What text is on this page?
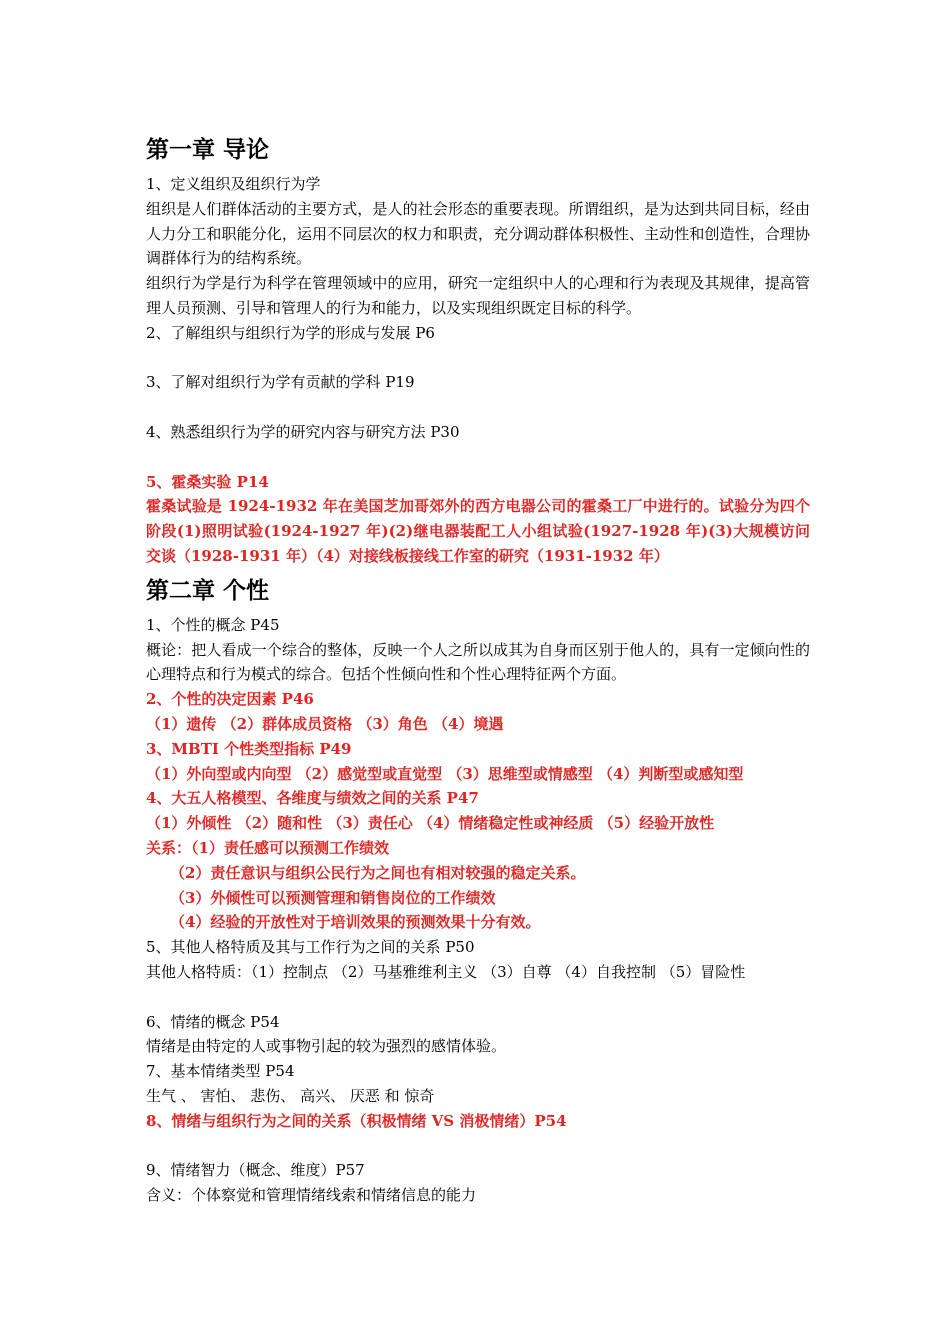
第一章 导论
1、定义组织及组织行为学
组织是人们群体活动的主要方式，是人的社会形态的重要表现。所谓组织，是为达到共同目标，经由人力分工和职能分化，运用不同层次的权力和职责，充分调动群体积极性、主动性和创造性，合理协调群体行为的结构系统。
组织行为学是行为科学在管理领域中的应用，研究一定组织中人的心理和行为表现及其规律，提高管理人员预测、引导和管理人的行为和能力，以及实现组织既定目标的科学。
2、了解组织与组织行为学的形成与发展 P6
3、了解对组织行为学有贡献的学科 P19
4、熟悉组织行为学的研究内容与研究方法 P30
5、霍桑实验 P14
霍桑试验是 1924-1932 年在美国芝加哥郊外的西方电器公司的霍桑工厂中进行的。试验分为四个阶段(1)照明试验(1924-1927 年)(2)继电器装配工人小组试验(1927-1928 年)(3)大规模访问交谈（1928-1931 年）（4）对接线板接线工作室的研究（1931-1932 年）
第二章 个性
1、个性的概念 P45
概论：把人看成一个综合的整体，反映一个人之所以成其为自身而区别于他人的，具有一定倾向性的心理特点和行为模式的综合。包括个性倾向性和个性心理特征两个方面。
2、个性的决定因素 P46
（1）遗传 （2）群体成员资格 （3）角色 （4）境遇
3、MBTI 个性类型指标 P49
（1）外向型或内向型 （2）感觉型或直觉型 （3）思维型或情感型 （4）判断型或感知型
4、大五人格模型、各维度与绩效之间的关系 P47
（1）外倾性 （2）随和性 （3）责任心 （4）情绪稳定性或神经质 （5）经验开放性
关系：（1）责任感可以预测工作绩效
（2）责任意识与组织公民行为之间也有相对较强的稳定关系。
（3）外倾性可以预测管理和销售岗位的工作绩效
（4）经验的开放性对于培训效果的预测效果十分有效。
5、其他人格特质及其与工作行为之间的关系 P50
其他人格特质：（1）控制点 （2）马基雅维利主义 （3）自尊 （4）自我控制 （5）冒险性
6、情绪的概念 P54
情绪是由特定的人或事物引起的较为强烈的感情体验。
7、基本情绪类型 P54
生气 、 害怕、 悲伤、 高兴、 厌恶 和 惊奇
8、情绪与组织行为之间的关系（积极情绪 VS 消极情绪）P54
9、情绪智力（概念、维度）P57
含义：个体察觉和管理情绪线索和情绪信息的能力
